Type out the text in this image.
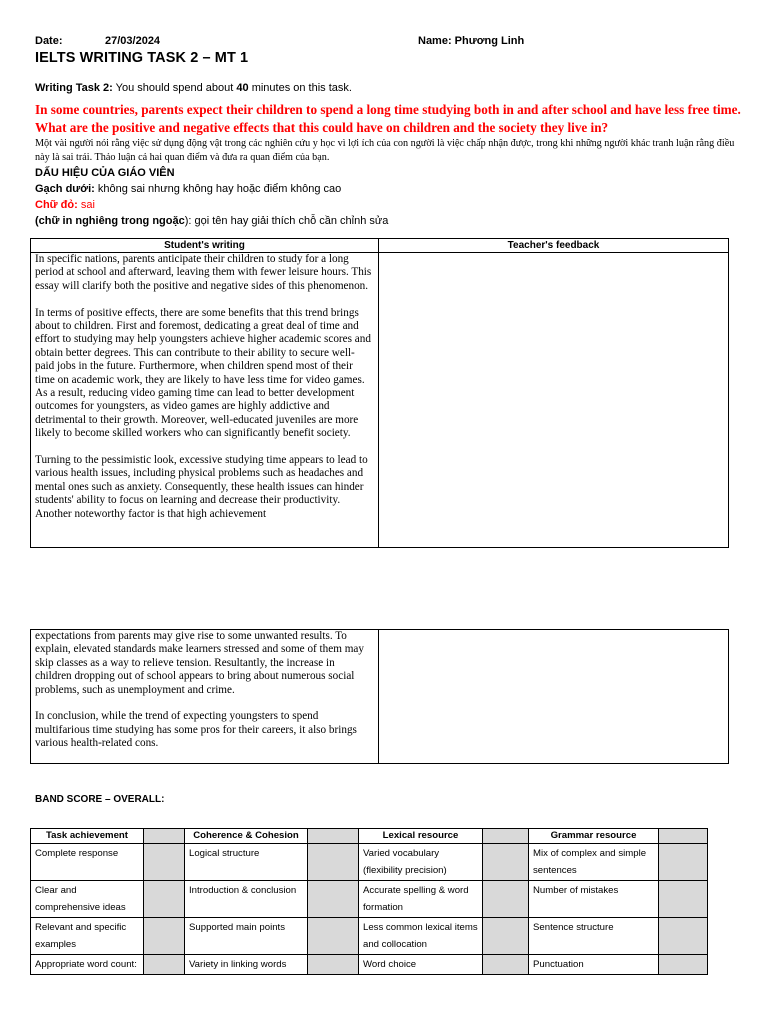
Date:	27/03/2024	Name: Phương Linh
IELTS WRITING TASK 2 – MT 1
Writing Task 2: You should spend about 40 minutes on this task.
In some countries, parents expect their children to spend a long time studying both in and after school and have less free time. What are the positive and negative effects that this could have on children and the society they live in?
Một vài người nói rằng việc sử dụng động vật trong các nghiên cứu y học vì lợi ích của con người là việc chấp nhận được, trong khi những người khác tranh luận rằng điều này là sai trái. Thảo luận cả hai quan điểm và đưa ra quan điểm của bạn.
DẤU HIỆU CỦA GIÁO VIÊN
Gạch dưới: không sai nhưng không hay hoặc điểm không cao
Chữ đỏ: sai
(chữ in nghiêng trong ngoặc): gọi tên hay giải thích chỗ cần chỉnh sửa
Student's writing	Teacher's feedback

In specific nations, parents anticipate their children to study for a long period at school and afterward, leaving them with fewer leisure hours. This essay will clarify both the positive and negative sides of this phenomenon.

In terms of positive effects, there are some benefits that this trend brings about to children. First and foremost, dedicating a great deal of time and effort to studying may help youngsters achieve higher academic scores and obtain better degrees. This can contribute to their ability to secure well-paid jobs in the future. Furthermore, when children spend most of their time on academic work, they are likely to have less time for video games. As a result, reducing video gaming time can lead to better development outcomes for youngsters, as video games are highly addictive and detrimental to their growth. Moreover, well-educated juveniles are more likely to become skilled workers who can significantly benefit society.

Turning to the pessimistic look, excessive studying time appears to lead to various health issues, including physical problems such as headaches and mental ones such as anxiety. Consequently, these health issues can hinder students' ability to focus on learning and decrease their productivity. Another noteworthy factor is that high achievement	

expectations from parents may give rise to some unwanted results. To explain, elevated standards make learners stressed and some of them may skip classes as a way to relieve tension. Resultantly, the increase in children dropping out of school appears to bring about numerous social problems, such as unemployment and crime.

In conclusion, while the trend of expecting youngsters to spend multifarious time studying has some pros for their careers, it also brings various health-related cons.

BAND SCORE – OVERALL:
Task achievement		Coherence & Cohesion		Lexical resource		Grammar resource	
Complete response		Logical structure		Varied vocabulary (flexibility precision)		Mix of complex and simple sentences	
Clear and comprehensive ideas		Introduction & conclusion		Accurate spelling & word formation		Number of mistakes	
Relevant and specific examples		Supported main points		Less common lexical items and collocation		Sentence structure	
Appropriate word count:		Variety in linking words		Word choice		Punctuation	
